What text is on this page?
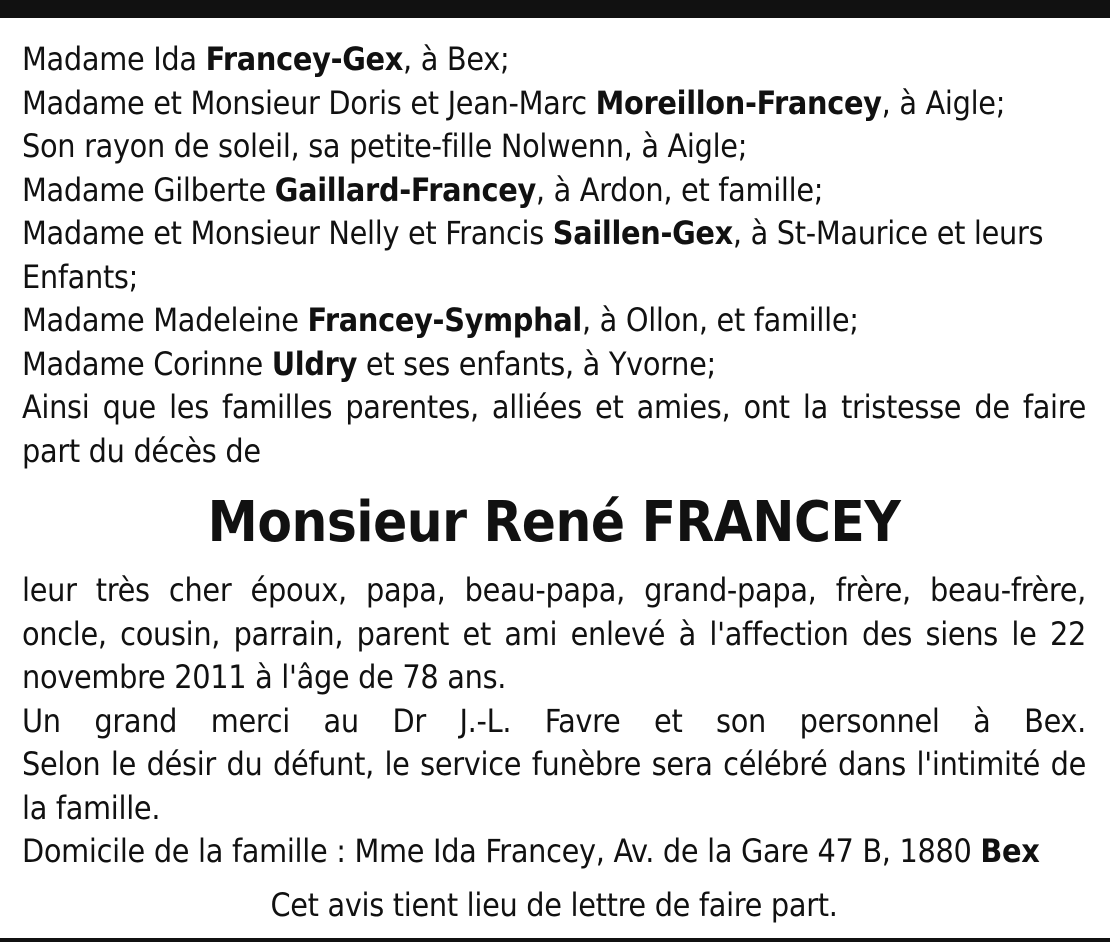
Madame Ida Francey-Gex, à Bex;
Madame et Monsieur Doris et Jean-Marc Moreillon-Francey, à Aigle;
Son rayon de soleil, sa petite-fille Nolwenn, à Aigle;
Madame Gilberte Gaillard-Francey, à Ardon, et famille;
Madame et Monsieur Nelly et Francis Saillen-Gex, à St-Maurice et leurs Enfants;
Madame Madeleine Francey-Symphal, à Ollon, et famille;
Madame Corinne Uldry et ses enfants, à Yvorne;
Ainsi que les familles parentes, alliées et amies, ont la tristesse de faire part du décès de
Monsieur René FRANCEY
leur très cher époux, papa, beau-papa, grand-papa, frère, beau-frère, oncle, cousin, parrain, parent et ami enlevé à l'affection des siens le 22 novembre 2011 à l'âge de 78 ans.
Un grand merci au Dr J.-L. Favre et son personnel à Bex.
Selon le désir du défunt, le service funèbre sera célébré dans l'intimité de la famille.
Domicile de la famille : Mme Ida Francey, Av. de la Gare 47 B, 1880 Bex
Cet avis tient lieu de lettre de faire part.
